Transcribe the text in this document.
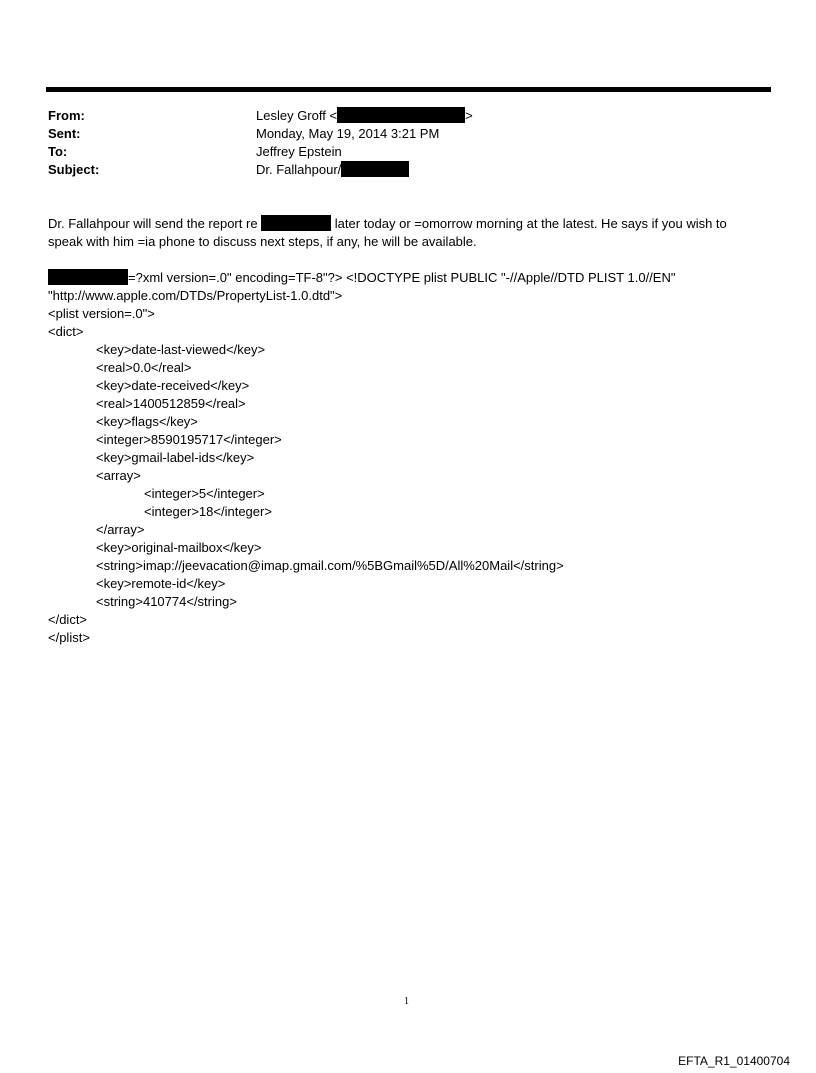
From:	Lesley Groff <	>
Sent:	Monday, May 19, 2014 3:21 PM
To:	Jeffrey Epstein
Subject:	Dr. Fallahpour/
Dr. Fallahpour will send the report re	later today or =omorrow morning at the latest. He says if you wish to
speak with him =ia phone to discuss next steps, if any, he will be available.
=?xml version=.0" encoding=TF-8"?> <!DOCTYPE plist PUBLIC "-//Apple//DTD PLIST 1.0//EN"
"http://www.apple.com/DTDs/PropertyList-1.0.dtd">
<plist version=.0">
<dict>
<key>date-last-viewed</key>
<real>0.0</real>
<key>date-received</key>
<real>1400512859</real>
<key>flags</key>
<integer>8590195717</integer>
<key>gmail-label-ids</key>
<array>
<integer>5</integer>
<integer>18</integer>
</array>
<key>original-mailbox</key>
<string>imap://jeevacation@imap.gmail.com/%5BGmail%5D/All%20Mail</string>
<key>remote-id</key>
<string>410774</string>
</dict>
</plist>
1
EFTA_R1_01400704
